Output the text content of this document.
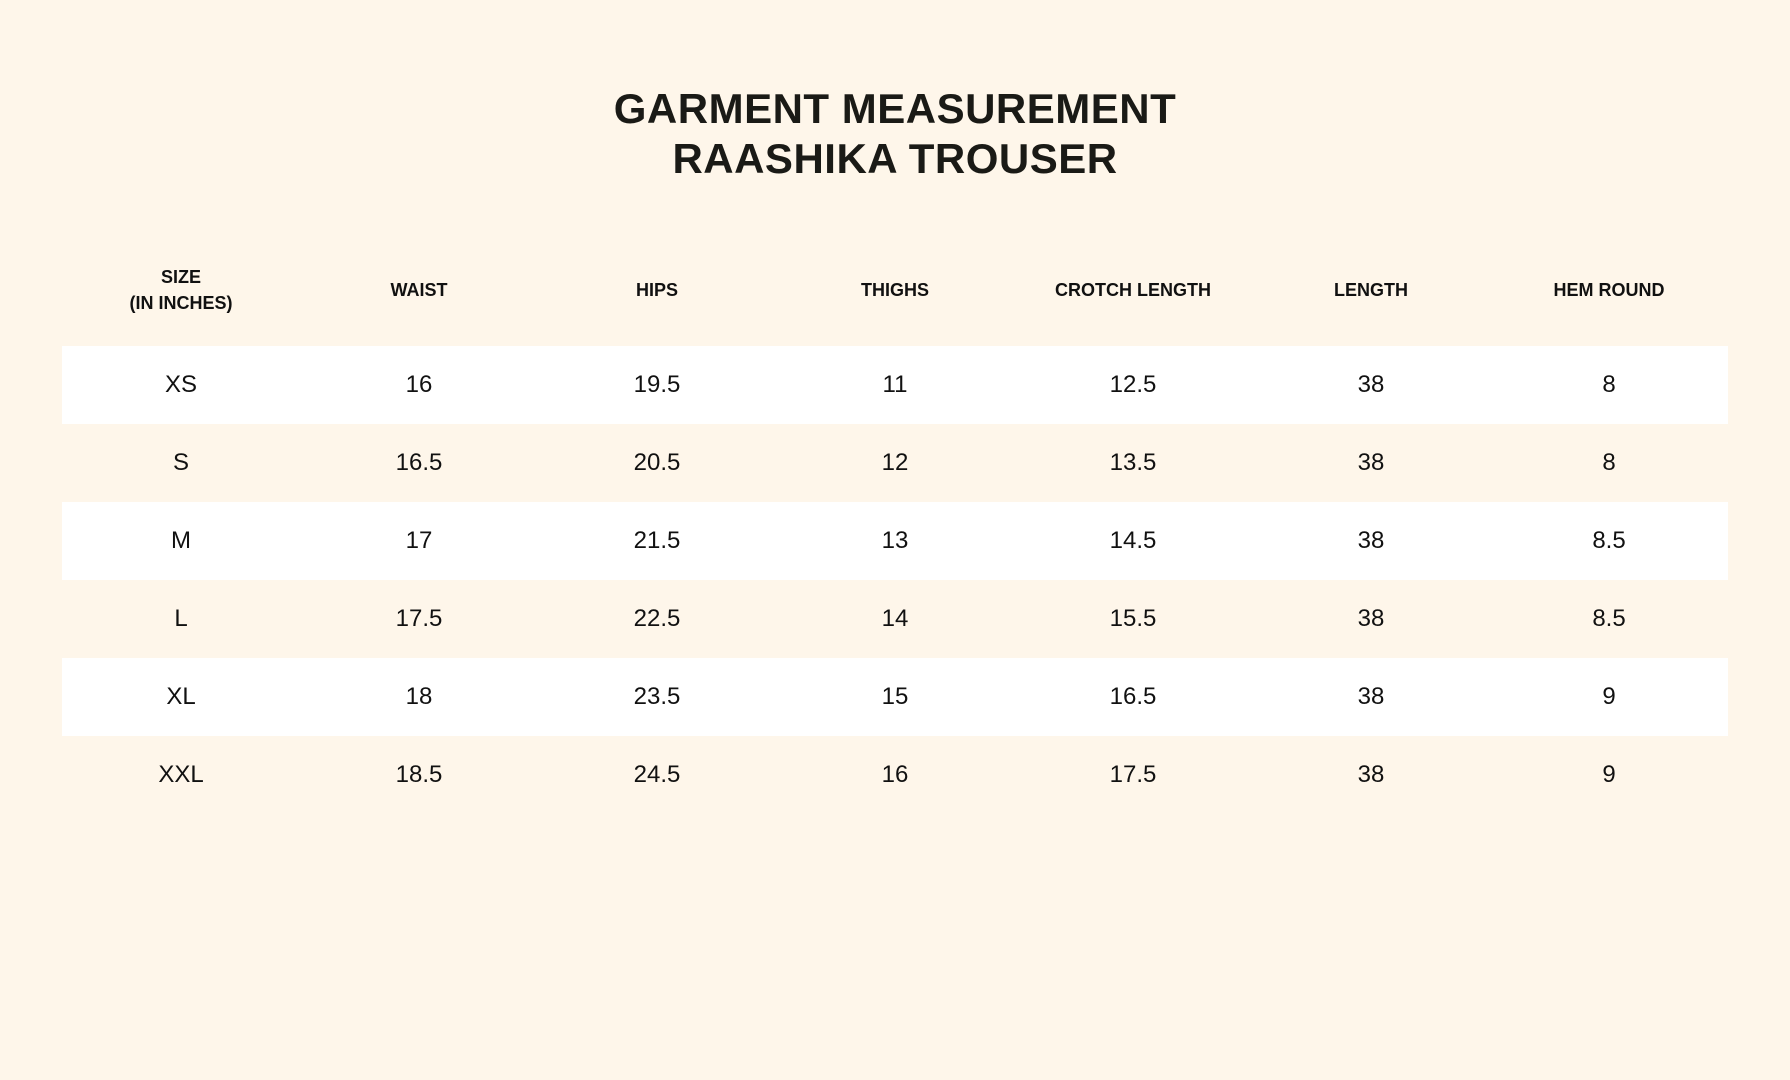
GARMENT MEASUREMENT
RAASHIKA TROUSER
SIZE
(IN INCHES)	WAIST	HIPS	THIGHS	CROTCH LENGTH	LENGTH	HEM ROUND
XS	16	19.5	11	12.5	38	8
S	16.5	20.5	12	13.5	38	8
M	17	21.5	13	14.5	38	8.5
L	17.5	22.5	14	15.5	38	8.5
XL	18	23.5	15	16.5	38	9
XXL	18.5	24.5	16	17.5	38	9
